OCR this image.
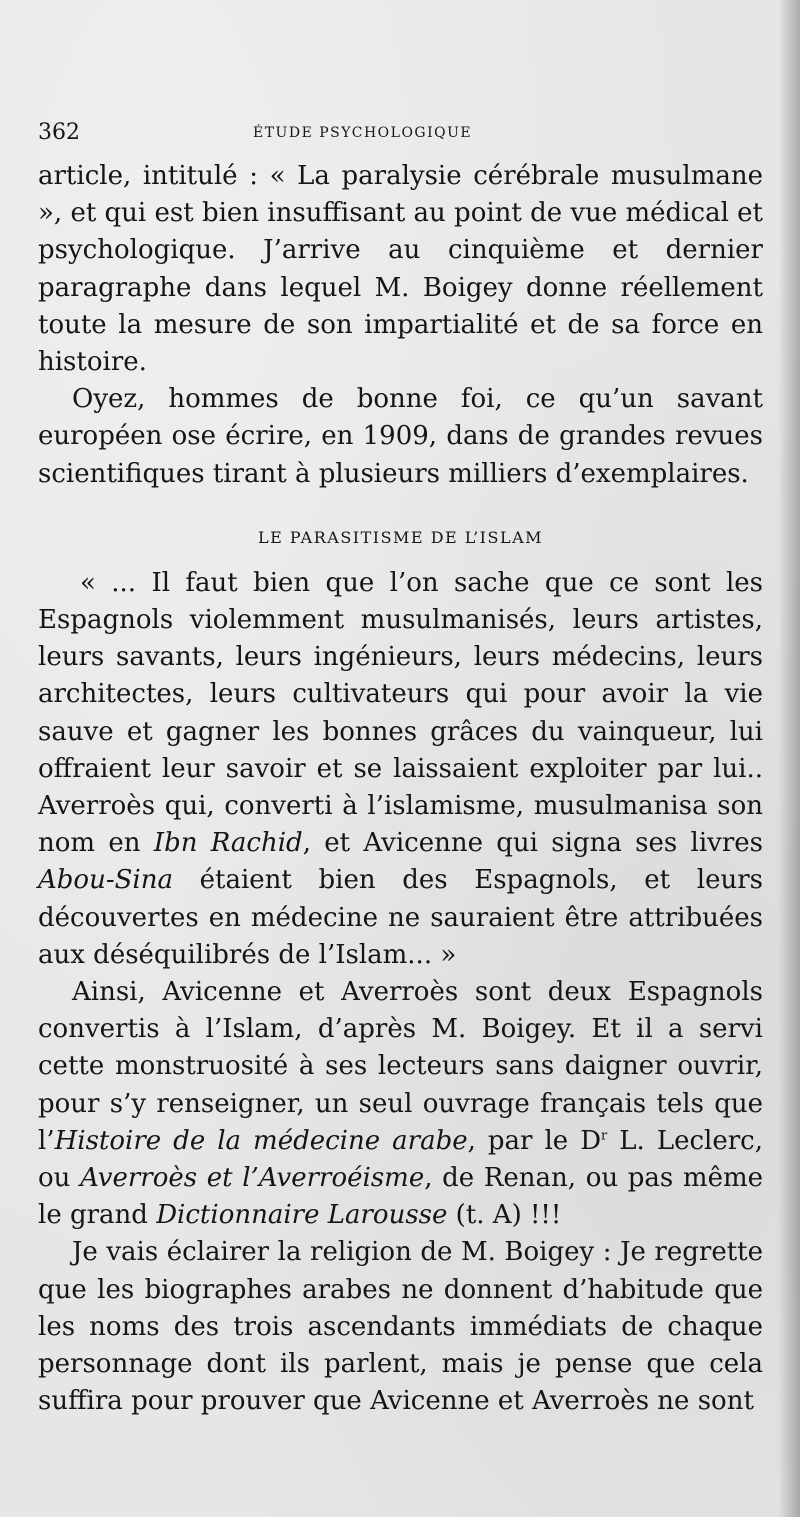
362	ÉTUDE PSYCHOLOGIQUE

article, intitulé : « La paralysie cérébrale musulmane », et qui est bien insuffisant au point de vue médical et psychologique. J’arrive au cinquième et dernier paragraphe dans lequel M. Boigey donne réellement toute la mesure de son impartialité et de sa force en histoire.

Oyez, hommes de bonne foi, ce qu’un savant européen ose écrire, en 1909, dans de grandes revues scientifiques tirant à plusieurs milliers d’exemplaires.

LE PARASITISME DE L’ISLAM

« ... Il faut bien que l’on sache que ce sont les Espagnols violemment musulmanisés, leurs artistes, leurs savants, leurs ingénieurs, leurs médecins, leurs architectes, leurs cultivateurs qui pour avoir la vie sauve et gagner les bonnes grâces du vainqueur, lui offraient leur savoir et se laissaient exploiter par lui.. Averroès qui, converti à l’islamisme, musulmanisa son nom en Ibn Rachid, et Avicenne qui signa ses livres Abou-Sina étaient bien des Espagnols, et leurs découvertes en médecine ne sauraient être attribuées aux déséquilibrés de l’Islam... »

Ainsi, Avicenne et Averroès sont deux Espagnols convertis à l’Islam, d’après M. Boigey. Et il a servi cette monstruosité à ses lecteurs sans daigner ouvrir, pour s’y renseigner, un seul ouvrage français tels que l’Histoire de la médecine arabe, par le $D^r$ L. Leclerc, ou Averroès et l’Averroéisme, de Renan, ou pas même le grand Dictionnaire Larousse (t. A) !!!

Je vais éclairer la religion de M. Boigey : Je regrette que les biographes arabes ne donnent d’habitude que les noms des trois ascendants immédiats de chaque personnage dont ils parlent, mais je pense que cela suffira pour prouver que Avicenne et Averroès ne sont
